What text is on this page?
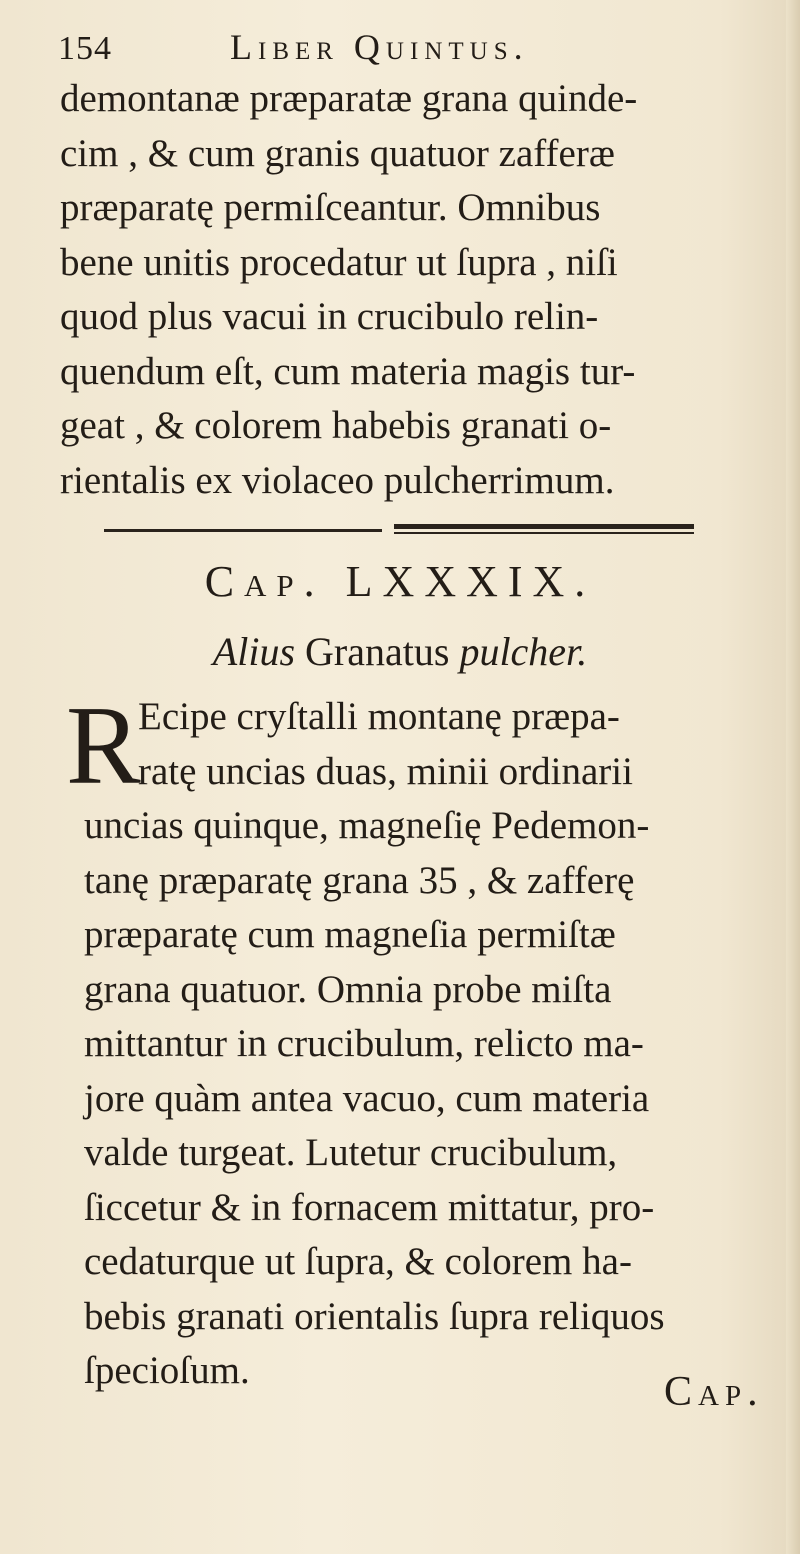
154	Liber Quintus.
demontanæ præparatæ grana quinde-
cim , & cum granis quatuor zafferæ
præparatę permiſceantur. Omnibus
bene unitis procedatur ut ſupra , niſi
quod plus vacui in crucibulo relin-
quendum eſt, cum materia magis tur-
geat , & colorem habebis granati o-
rientalis ex violaceo pulcherrimum.
Cap. LXXXIX.
Alius Granatus pulcher.
R
Ecipe cryſtalli montanę præpa-
ratę uncias duas, minii ordinarii
uncias quinque, magneſię Pedemon-
tanę præparatę grana 35 , & zafferę
præparatę cum magneſia permiſtæ
grana quatuor. Omnia probe miſta
mittantur in crucibulum, relicto ma-
jore quàm antea vacuo, cum materia
valde turgeat. Lutetur crucibulum,
ſiccetur & in fornacem mittatur, pro-
cedaturque ut ſupra, & colorem ha-
bebis granati orientalis ſupra reliquos
ſpecioſum.	Cap.
